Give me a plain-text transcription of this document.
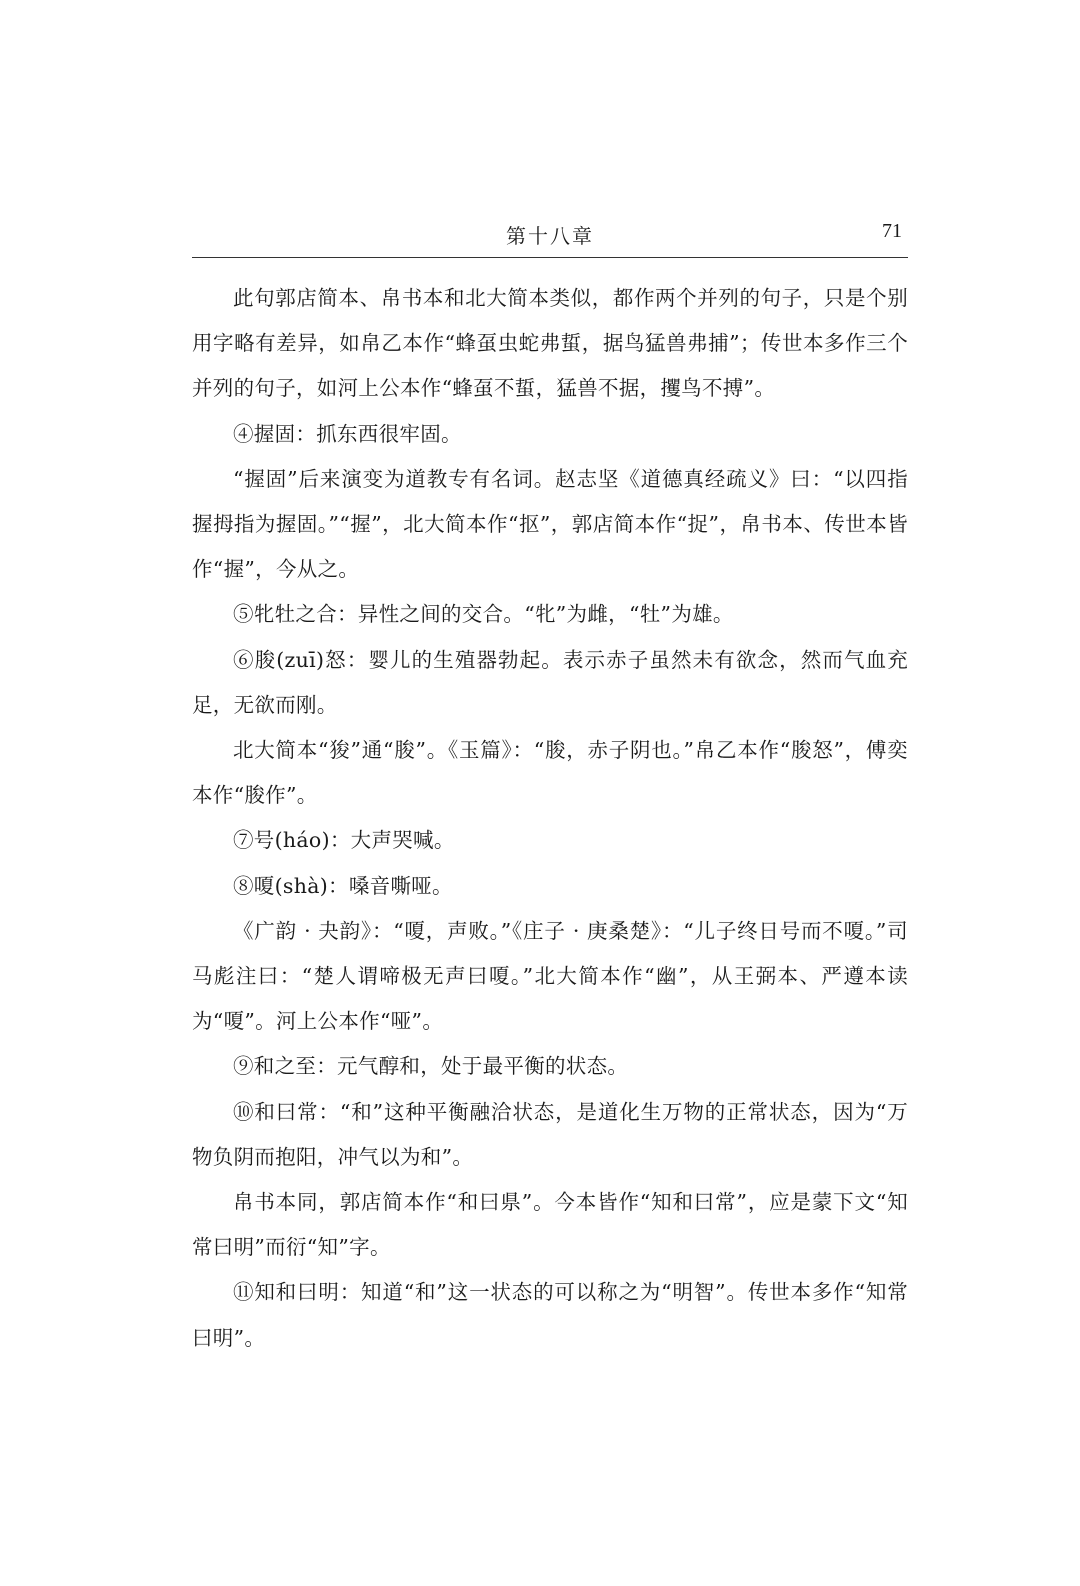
第十八章	71

此句郭店简本、帛书本和北大简本类似，都作两个并列的句子，只是个别用字略有差异，如帛乙本作“蜂虿虫蛇弗蜇，据鸟猛兽弗捕”；传世本多作三个并列的句子，如河上公本作“蜂虿不蜇，猛兽不据，攫鸟不搏”。

④握固：抓东西很牢固。

“握固”后来演变为道教专有名词。赵志坚《道德真经疏义》曰：“以四指握拇指为握固。”“握”，北大简本作“抠”，郭店简本作“捉”，帛书本、传世本皆作“握”，今从之。

⑤牝牡之合：异性之间的交合。“牝”为雌，“牡”为雄。

⑥朘(zuī)怒：婴儿的生殖器勃起。表示赤子虽然未有欲念，然而气血充足，无欲而刚。

北大简本“狻”通“朘”。《玉篇》：“朘，赤子阴也。”帛乙本作“朘怒”，傅奕本作“朘作”。

⑦号(háo)：大声哭喊。

⑧嗄(shà)：嗓音嘶哑。

《广韵 · 夬韵》：“嗄，声败。”《庄子 · 庚桑楚》：“儿子终日号而不嗄。”司马彪注曰：“楚人谓啼极无声曰嗄。”北大简本作“幽”，从王弼本、严遵本读为“嗄”。河上公本作“哑”。

⑨和之至：元气醇和，处于最平衡的状态。

⑩和曰常：“和”这种平衡融洽状态，是道化生万物的正常状态，因为“万物负阴而抱阳，冲气以为和”。

帛书本同，郭店简本作“和曰県”。今本皆作“知和曰常”，应是蒙下文“知常曰明”而衍“知”字。

⑪知和曰明：知道“和”这一状态的可以称之为“明智”。传世本多作“知常曰明”。
